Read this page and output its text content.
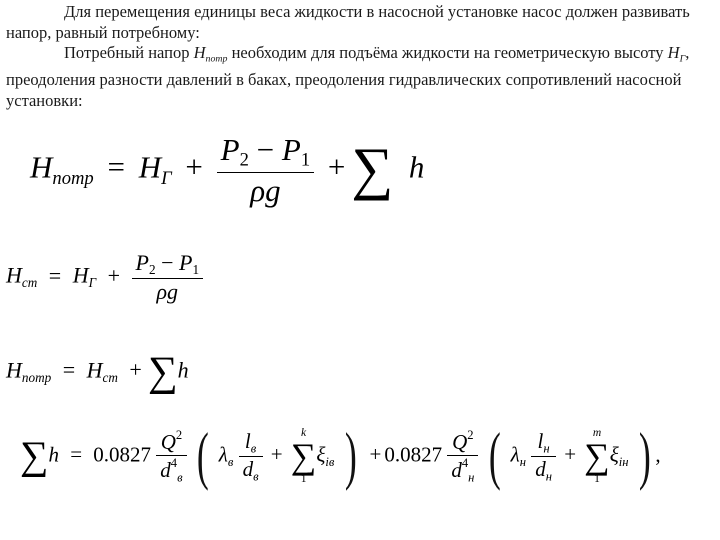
Для перемещения единицы веса жидкости в насосной установке насос должен развивать напор, равный потребному:

Потребный напор $H_{потр}$ необходим для подъёма жидкости на геометрическую высоту $H_Г$, преодоления разности давлений в баках, преодоления гидравлических сопротивлений насосной установки:

$H_{потр} = H_Г + \frac{P_2 - P_1}{\rho g}$ + ∑ h
$H_{ст} = H_Г + \frac{P_2 - P_1}{\rho g}$
$H_{потр} = H_{ст} + \sum h$
$\sum h = 0.0827 \frac{Q^2}{d^4_в}$ ( $\lambda_в \frac{l_в}{d_в}$ +
k
∑
1
$\xi_{iв}$ ) + $0.0827 \frac{Q^2}{d^4_н}$ ( $\lambda_н \frac{l_н}{d_н}$ +
m
∑
1
$\xi_{iн}$ ) ,
